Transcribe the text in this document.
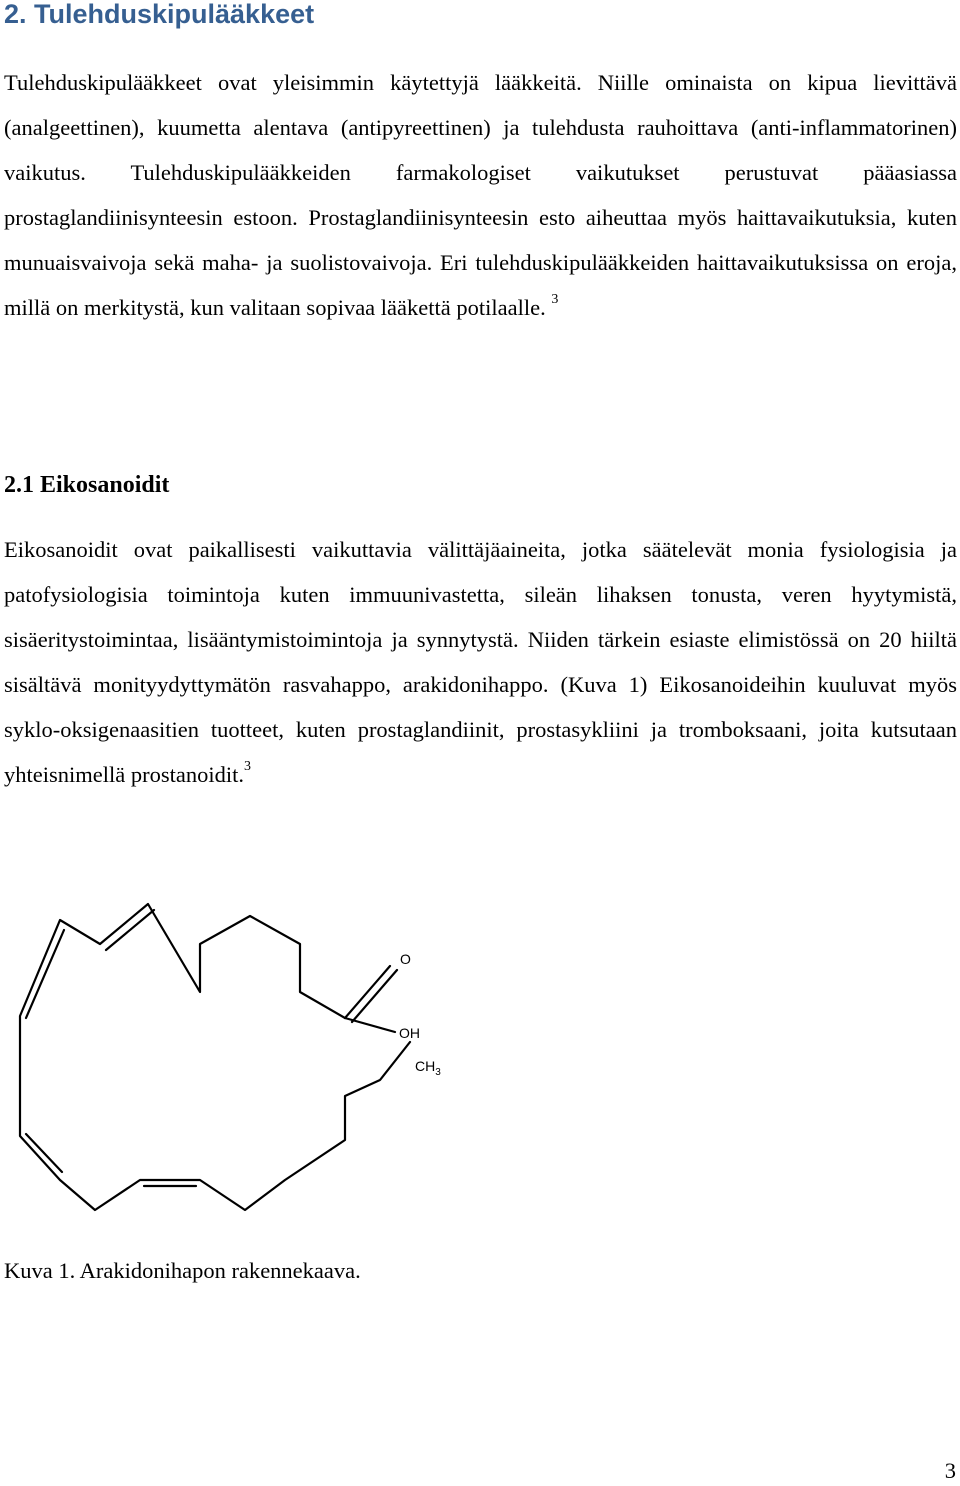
2. Tulehduskipulääkkeet

Tulehduskipulääkkeet ovat yleisimmin käytettyjä lääkkeitä. Niille ominaista on kipua lievittävä (analgeettinen), kuumetta alentava (antipyreettinen) ja tulehdusta rauhoittava (anti-inflammatorinen) vaikutus. Tulehduskipulääkkeiden farmakologiset vaikutukset perustuvat pääasiassa prostaglandiinisynteesin estoon. Prostaglandiinisynteesin esto aiheuttaa myös haittavaikutuksia, kuten munuaisvaivoja sekä maha- ja suolistovaivoja. Eri tulehduskipulääkkeiden haittavaikutuksissa on eroja, millä on merkitystä, kun valitaan sopivaa lääkettä potilaalle. $^3$

2.1 Eikosanoidit

Eikosanoidit ovat paikallisesti vaikuttavia välittäjäaineita, jotka säätelevät monia fysiologisia ja patofysiologisia toimintoja kuten immuunivastetta, sileän lihaksen tonusta, veren hyytymistä, sisäeritystoimintaa, lisääntymistoimintoja ja synnytystä. Niiden tärkein esiaste elimistössä on 20 hiiltä sisältävä monityydyttymätön rasvahappo, arakidonihappo. (Kuva 1) Eikosanoideihin kuuluvat myös syklo-oksigenaasitien tuotteet, kuten prostaglandiinit, prostasykliini ja tromboksaani, joita kutsutaan yhteisnimellä prostanoidit.$^3$

O
OH
$CH_3$

Kuva 1. Arakidonihapon rakennekaava.

3
